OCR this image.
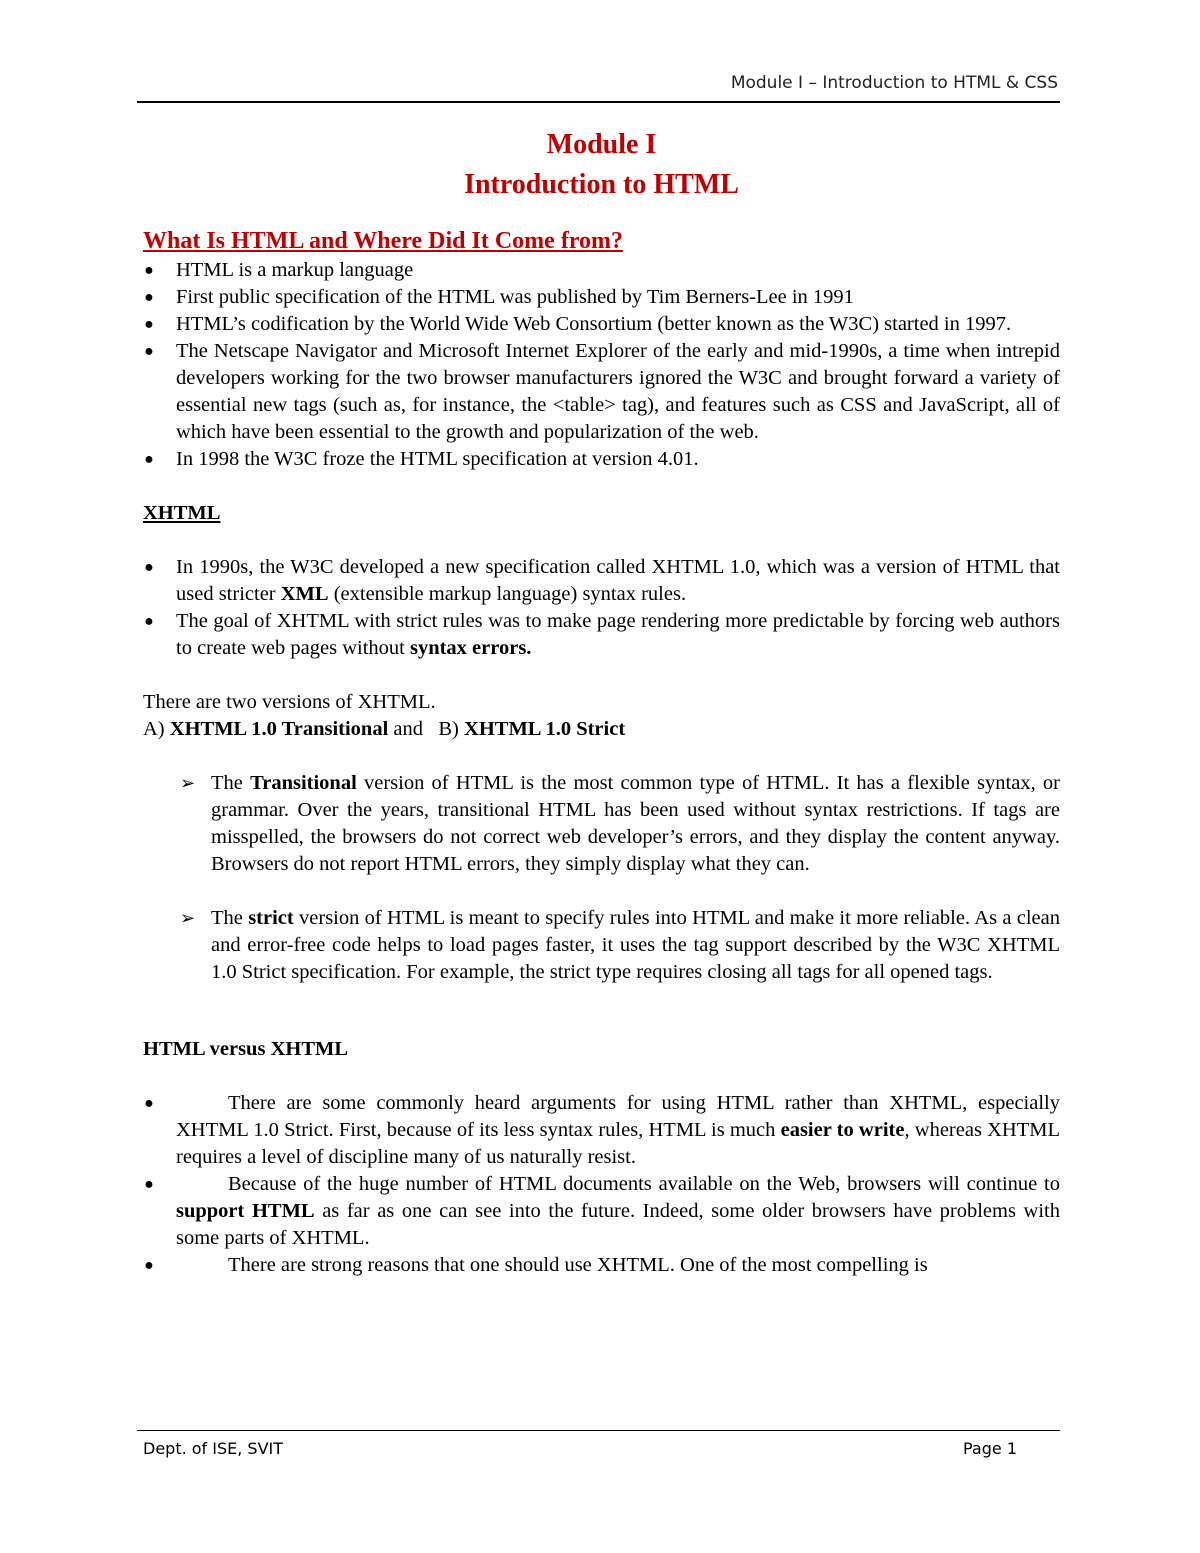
Module I – Introduction to HTML & CSS

Module I

Introduction to HTML

What Is HTML and Where Did It Come from?

● HTML is a markup language
● First public specification of the HTML was published by Tim Berners-Lee in 1991
● HTML’s codification by the World Wide Web Consortium (better known as the W3C) started in 1997.
● The Netscape Navigator and Microsoft Internet Explorer of the early and mid-1990s, a time when intrepid developers working for the two browser manufacturers ignored the W3C and brought forward a variety of essential new tags (such as, for instance, the <table> tag), and features such as CSS and JavaScript, all of which have been essential to the growth and popularization of the web.
● In 1998 the W3C froze the HTML specification at version 4.01.

XHTML

● In 1990s, the W3C developed a new specification called XHTML 1.0, which was a version of HTML that used stricter XML (extensible markup language) syntax rules.
● The goal of XHTML with strict rules was to make page rendering more predictable by forcing web authors to create web pages without syntax errors.

There are two versions of XHTML.

A) XHTML 1.0 Transitional and   B) XHTML 1.0 Strict

➢ The Transitional version of HTML is the most common type of HTML. It has a flexible syntax, or grammar. Over the years, transitional HTML has been used without syntax restrictions. If tags are misspelled, the browsers do not correct web developer’s errors, and they display the content anyway. Browsers do not report HTML errors, they simply display what they can.
➢ The strict version of HTML is meant to specify rules into HTML and make it more reliable. As a clean and error-free code helps to load pages faster, it uses the tag support described by the W3C XHTML 1.0 Strict specification. For example, the strict type requires closing all tags for all opened tags.

HTML versus XHTML

●	There are some commonly heard arguments for using HTML rather than XHTML, especially XHTML 1.0 Strict. First, because of its less syntax rules, HTML is much easier to write, whereas XHTML requires a level of discipline many of us naturally resist.
●	Because of the huge number of HTML documents available on the Web, browsers will continue to support HTML as far as one can see into the future. Indeed, some older browsers have problems with some parts of XHTML.
●	There are strong reasons that one should use XHTML. One of the most compelling is
Dept. of ISE, SVIT	Page 1
